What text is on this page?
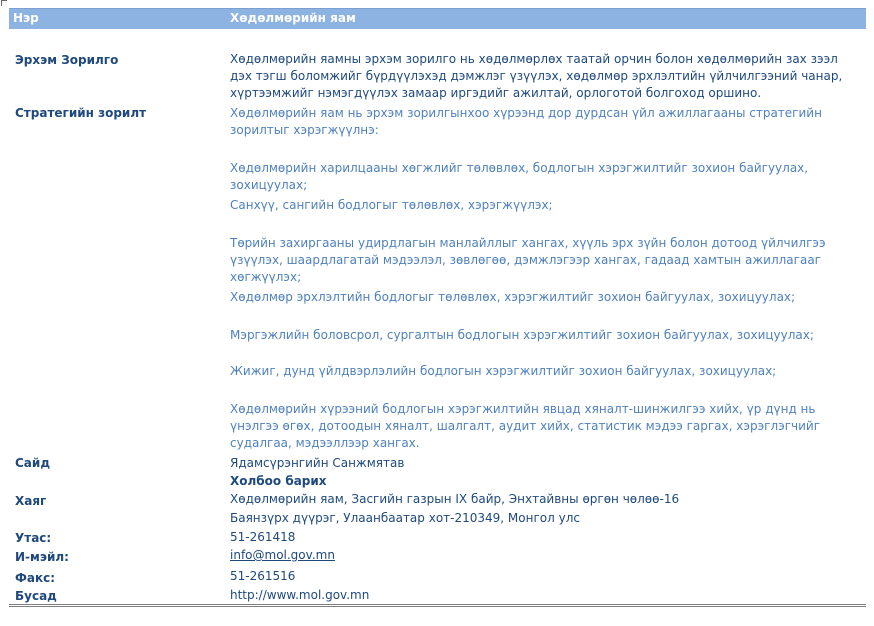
Нэр	Хөдөлмөрийн яам
Эрхэм Зорилго	Хөдөлмөрийн яамны эрхэм зорилго нь хөдөлмөрлөх таатай орчин болон хөдөлмөрийн зах зээл дэх тэгш боломжийг бүрдүүлэхэд дэмжлэг үзүүлэх, хөдөлмөр эрхлэлтийн үйлчилгээний чанар, хүртээмжийг нэмэгдүүлэх замаар иргэдийг ажилтай, орлоготой болгоход оршино.
Стратегийн зорилт	Хөдөлмөрийн яам нь эрхэм зорилгынхоо хүрээнд дор дурдсан үйл ажиллагааны стратегийн зорилтыг хэрэгжүүлнэ:
Хөдөлмөрийн харилцааны хөгжлийг төлөвлөх, бодлогын хэрэгжилтийг зохион байгуулах, зохицуулах;
Санхүү, сангийн бодлогыг төлөвлөх, хэрэгжүүлэх;
Төрийн захиргааны удирдлагын манлайллыг хангах, хүүль эрх зүйн болон дотоод үйлчилгээ үзүүлэх, шаардлагатай мэдээлэл, зөвлөгөө, дэмжлэгээр хангах, гадаад хамтын ажиллагааг хөгжүүлэх;
Хөдөлмөр эрхлэлтийн бодлогыг төлөвлөх, хэрэгжилтийг зохион байгуулах, зохицуулах;
Мэргэжлийн боловсрол, сургалтын бодлогын хэрэгжилтийг зохион байгуулах, зохицуулах;
Жижиг, дунд үйлдвэрлэлийн бодлогын хэрэгжилтийг зохион байгуулах, зохицуулах;
Хөдөлмөрийн хүрээний бодлогын хэрэгжилтийн явцад хяналт-шинжилгээ хийх, үр дүнд нь үнэлгээ өгөх, дотоодын хяналт, шалгалт, аудит хийх, статистик мэдээ гаргах, хэрэглэгчийг судалгаа, мэдээллээр хангах.
Сайд	Ядамсүрэнгийн Санжмятав
Холбоо барих
Хаяг	Хөдөлмөрийн яам, Засгийн газрын IX байр, Энхтайвны өргөн чөлөө-16
Баянзүрх дүүрэг, Улаанбаатар хот-210349, Монгол улс
Утас:	51-261418
И-мэйл:	info@mol.gov.mn
Факс:	51-261516
Бусад	http://www.mol.gov.mn
